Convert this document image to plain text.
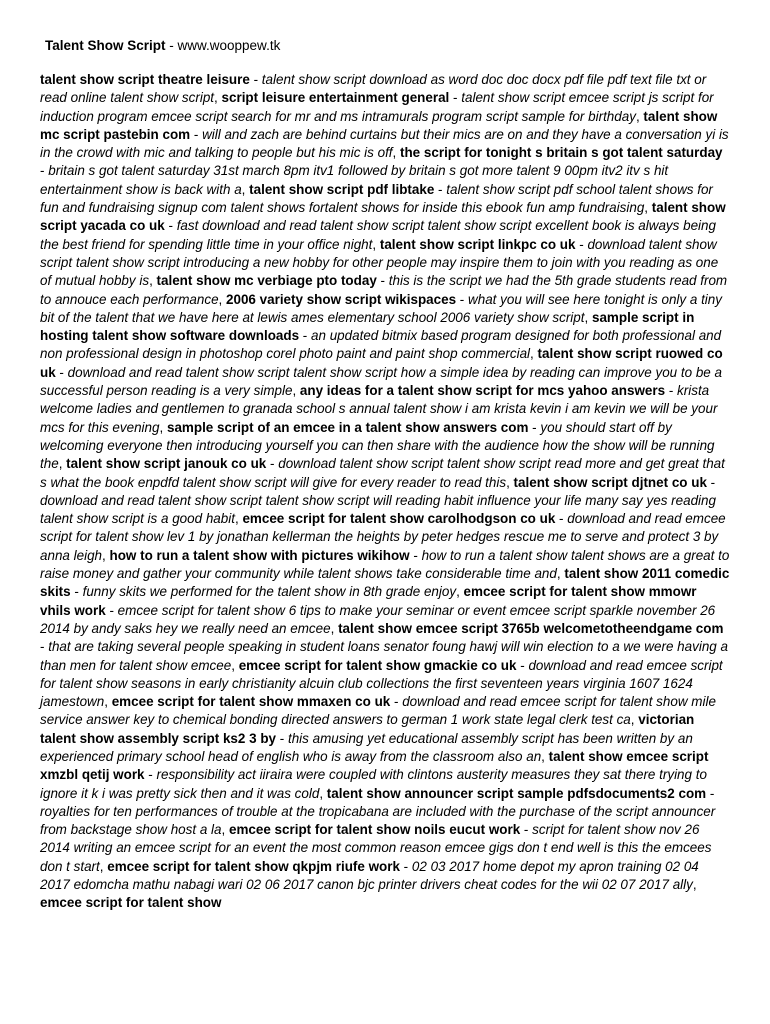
Talent Show Script - www.wooppew.tk
talent show script theatre leisure - talent show script download as word doc doc docx pdf file pdf text file txt or read online talent show script, script leisure entertainment general - talent show script emcee script js script for induction program emcee script search for mr and ms intramurals program script sample for birthday, talent show mc script pastebin com - will and zach are behind curtains but their mics are on and they have a conversation yi is in the crowd with mic and talking to people but his mic is off, the script for tonight s britain s got talent saturday - britain s got talent saturday 31st march 8pm itv1 followed by britain s got more talent 9 00pm itv2 itv s hit entertainment show is back with a, talent show script pdf libtake - talent show script pdf school talent shows for fun and fundraising signup com talent shows fortalent shows for inside this ebook fun amp fundraising, talent show script yacada co uk - fast download and read talent show script talent show script excellent book is always being the best friend for spending little time in your office night, talent show script linkpc co uk - download talent show script talent show script introducing a new hobby for other people may inspire them to join with you reading as one of mutual hobby is, talent show mc verbiage pto today - this is the script we had the 5th grade students read from to annouce each performance, 2006 variety show script wikispaces - what you will see here tonight is only a tiny bit of the talent that we have here at lewis ames elementary school 2006 variety show script, sample script in hosting talent show software downloads - an updated bitmix based program designed for both professional and non professional design in photoshop corel photo paint and paint shop commercial, talent show script ruowed co uk - download and read talent show script talent show script how a simple idea by reading can improve you to be a successful person reading is a very simple, any ideas for a talent show script for mcs yahoo answers - krista welcome ladies and gentlemen to granada school s annual talent show i am krista kevin i am kevin we will be your mcs for this evening, sample script of an emcee in a talent show answers com - you should start off by welcoming everyone then introducing yourself you can then share with the audience how the show will be running the, talent show script janouk co uk - download talent show script talent show script read more and get great that s what the book enpdfd talent show script will give for every reader to read this, talent show script djtnet co uk - download and read talent show script talent show script will reading habit influence your life many say yes reading talent show script is a good habit, emcee script for talent show carolhodgson co uk - download and read emcee script for talent show lev 1 by jonathan kellerman the heights by peter hedges rescue me to serve and protect 3 by anna leigh, how to run a talent show with pictures wikihow - how to run a talent show talent shows are a great to raise money and gather your community while talent shows take considerable time and, talent show 2011 comedic skits - funny skits we performed for the talent show in 8th grade enjoy, emcee script for talent show mmowr vhils work - emcee script for talent show 6 tips to make your seminar or event emcee script sparkle november 26 2014 by andy saks hey we really need an emcee, talent show emcee script 3765b welcometotheendgame com - that are taking several people speaking in student loans senator foung hawj will win election to a we were having a than men for talent show emcee, emcee script for talent show gmackie co uk - download and read emcee script for talent show seasons in early christianity alcuin club collections the first seventeen years virginia 1607 1624 jamestown, emcee script for talent show mmaxen co uk - download and read emcee script for talent show mile service answer key to chemical bonding directed answers to german 1 work state legal clerk test ca, victorian talent show assembly script ks2 3 by - this amusing yet educational assembly script has been written by an experienced primary school head of english who is away from the classroom also an, talent show emcee script xmzbl qetij work - responsibility act iiraira were coupled with clintons austerity measures they sat there trying to ignore it k i was pretty sick then and it was cold, talent show announcer script sample pdfsdocuments2 com - royalties for ten performances of trouble at the tropicabana are included with the purchase of the script announcer from backstage show host a la, emcee script for talent show noils eucut work - script for talent show nov 26 2014 writing an emcee script for an event the most common reason emcee gigs don t end well is this the emcees don t start, emcee script for talent show qkpjm riufe work - 02 03 2017 home depot my apron training 02 04 2017 edomcha mathu nabagi wari 02 06 2017 canon bjc printer drivers cheat codes for the wii 02 07 2017 ally, emcee script for talent show
